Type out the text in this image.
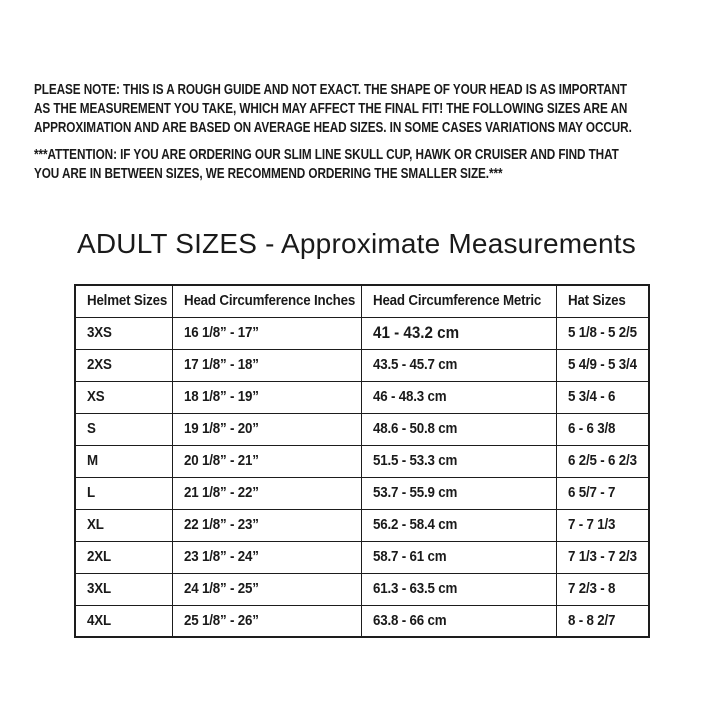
PLEASE NOTE: THIS IS A ROUGH GUIDE AND NOT EXACT. THE SHAPE OF YOUR HEAD IS AS IMPORTANT
AS THE MEASUREMENT YOU TAKE, WHICH MAY AFFECT THE FINAL FIT! THE FOLLOWING SIZES ARE AN
APPROXIMATION AND ARE BASED ON AVERAGE HEAD SIZES. IN SOME CASES VARIATIONS MAY OCCUR.
***ATTENTION: IF YOU ARE ORDERING OUR SLIM LINE SKULL CUP, HAWK OR CRUISER AND FIND THAT
YOU ARE IN BETWEEN SIZES, WE RECOMMEND ORDERING THE SMALLER SIZE.***
ADULT SIZES - Approximate Measurements
Helmet Sizes	Head Circumference Inches	Head Circumference Metric	Hat Sizes
3XS	16 1/8” - 17”	41 - 43.2 cm	5 1/8 - 5 2/5
2XS	17 1/8” - 18”	43.5 - 45.7 cm	5 4/9 - 5 3/4
XS	18 1/8” - 19”	46 - 48.3 cm	5 3/4 - 6
S	19 1/8” - 20”	48.6 - 50.8 cm	6 - 6 3/8
M	20 1/8” - 21”	51.5 - 53.3 cm	6 2/5 - 6 2/3
L	21 1/8” - 22”	53.7 - 55.9 cm	6 5/7 - 7
XL	22 1/8” - 23”	56.2 - 58.4 cm	7 - 7 1/3
2XL	23 1/8” - 24”	58.7 - 61 cm	7 1/3 - 7 2/3
3XL	24 1/8” - 25”	61.3 - 63.5 cm	7 2/3 - 8
4XL	25 1/8” - 26”	63.8 - 66 cm	8 - 8 2/7
